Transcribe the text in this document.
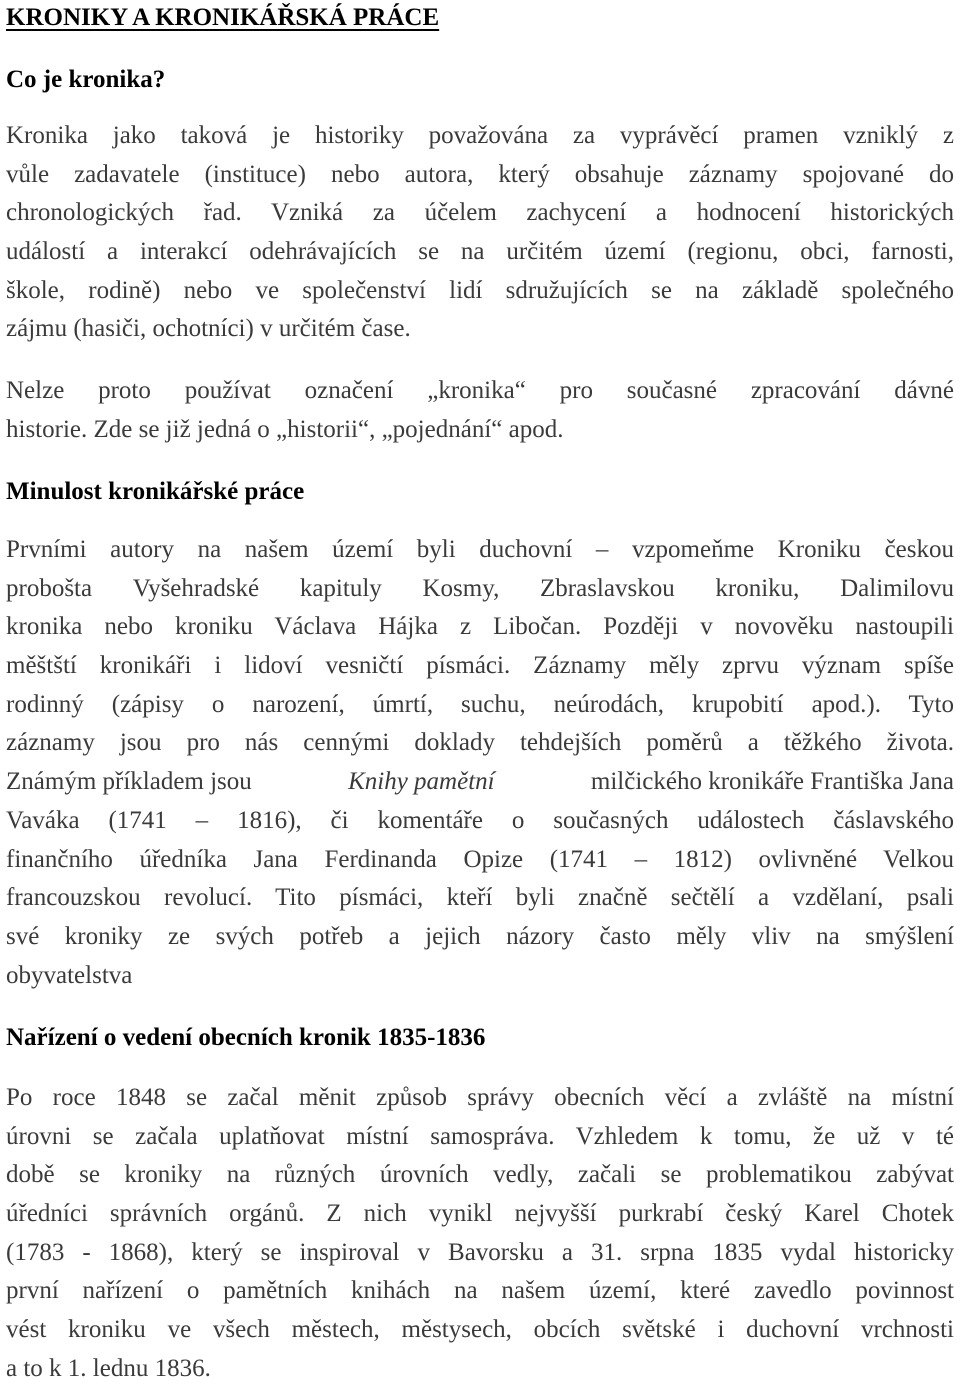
KRONIKY A KRONIKÁŘSKÁ PRÁCE
Co je kronika?
Kronika jako taková je historiky považována za vyprávěcí pramen vzniklý z
vůle zadavatele (instituce) nebo autora, který obsahuje záznamy spojované do
chronologických řad. Vzniká za účelem zachycení a hodnocení historických
událostí a interakcí odehrávajících se na určitém území (regionu, obci, farnosti,
škole, rodině) nebo ve společenství lidí sdružujících se na základě společného
zájmu (hasiči, ochotníci) v určitém čase.
Nelze proto používat označení „kronika“ pro současné zpracování dávné
historie. Zde se již jedná o „historii“, „pojednání“ apod.
Minulost kronikářské práce
Prvními autory na našem území byli duchovní – vzpomeňme Kroniku českou
proboštа Vyšehradské kapituly Kosmy, Zbraslavskou kroniku, Dalimilovu
kronika nebo kroniku Václava Hájka z Libočan. Později v novověku nastoupili
měštští kronikáři i lidoví vesničtí písmáci. Záznamy měly zprvu význam spíše
rodinný (zápisy o narození, úmrtí, suchu, neúrodách, krupobití apod.). Tyto
záznamy jsou pro nás cennými doklady tehdejších poměrů a těžkého života.
Známým příkladem jsou	Knihy pamětní	milčického kronikáře Františka Jana
Vaváka (1741 – 1816), či komentáře o současných událostech čáslavského
finančního úředníka Jana Ferdinanda Opize (1741 – 1812) ovlivněné Velkou
francouzskou revolucí. Tito písmáci, kteří byli značně sečtělí a vzdělaní, psali
své kroniky ze svých potřeb a jejich názory často měly vliv na smýšlení
obyvatelstva
Nařízení o vedení obecních kronik 1835-1836
Po roce 1848 se začal měnit způsob správy obecních věcí a zvláště na místní
úrovni se začala uplatňovat místní samospráva. Vzhledem k tomu, že už v té
době se kroniky na různých úrovních vedly, začali se problematikou zabývat
úředníci správních orgánů. Z nich vynikl nejvyšší purkrabí český Karel Chotek
(1783 - 1868), který se inspiroval v Bavorsku a 31. srpna 1835 vydal historicky
první nařízení o pamětních knihách na našem území, které zavedlo povinnost
vést kroniku ve všech městech, městysech, obcích světské i duchovní vrchnosti
a to k 1. lednu 1836.
